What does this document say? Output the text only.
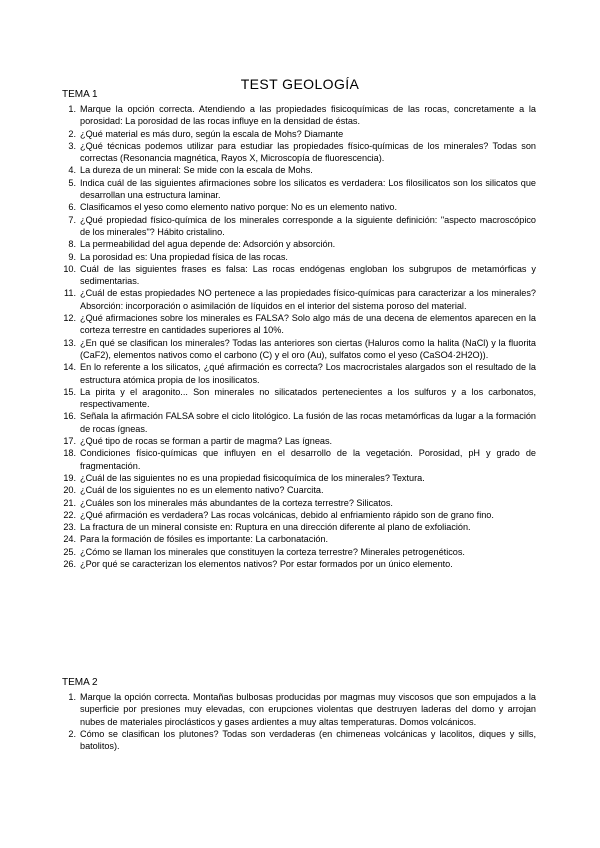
TEST GEOLOGÍA
TEMA 1
1. Marque la opción correcta. Atendiendo a las propiedades fisicoquímicas de las rocas, concretamente a la porosidad: La porosidad de las rocas influye en la densidad de éstas.
2. ¿Qué material es más duro, según la escala de Mohs? Diamante
3. ¿Qué técnicas podemos utilizar para estudiar las propiedades físico-químicas de los minerales? Todas son correctas (Resonancia magnética, Rayos X, Microscopía de fluorescencia).
4. La dureza de un mineral: Se mide con la escala de Mohs.
5. Indica cuál de las siguientes afirmaciones sobre los silicatos es verdadera: Los filosilicatos son los silicatos que desarrollan una estructura laminar.
6. Clasificamos el yeso como elemento nativo porque: No es un elemento nativo.
7. ¿Qué propiedad físico-química de los minerales corresponde a la siguiente definición: "aspecto macroscópico de los minerales"? Hábito cristalino.
8. La permeabilidad del agua depende de: Adsorción y absorción.
9. La porosidad es: Una propiedad física de las rocas.
10. Cuál de las siguientes frases es falsa: Las rocas endógenas engloban los subgrupos de metamórficas y sedimentarias.
11. ¿Cuál de estas propiedades NO pertenece a las propiedades físico-químicas para caracterizar a los minerales? Absorción: incorporación o asimilación de líquidos en el interior del sistema poroso del material.
12. ¿Qué afirmaciones sobre los minerales es FALSA? Solo algo más de una decena de elementos aparecen en la corteza terrestre en cantidades superiores al 10%.
13. ¿En qué se clasifican los minerales? Todas las anteriores son ciertas (Haluros como la halita (NaCl) y la fluorita (CaF2), elementos nativos como el carbono (C) y el oro (Au), sulfatos como el yeso (CaSO4·2H2O)).
14. En lo referente a los silicatos, ¿qué afirmación es correcta? Los macrocristales alargados son el resultado de la estructura atómica propia de los inosilicatos.
15. La pirita y el aragonito... Son minerales no silicatados pertenecientes a los sulfuros y a los carbonatos, respectivamente.
16. Señala la afirmación FALSA sobre el ciclo litológico. La fusión de las rocas metamórficas da lugar a la formación de rocas ígneas.
17. ¿Qué tipo de rocas se forman a partir de magma? Las ígneas.
18. Condiciones físico-químicas que influyen en el desarrollo de la vegetación. Porosidad, pH y grado de fragmentación.
19. ¿Cuál de las siguientes no es una propiedad fisicoquímica de los minerales? Textura.
20. ¿Cuál de los siguientes no es un elemento nativo? Cuarcita.
21. ¿Cuáles son los minerales más abundantes de la corteza terrestre? Silicatos.
22. ¿Qué afirmación es verdadera? Las rocas volcánicas, debido al enfriamiento rápido son de grano fino.
23. La fractura de un mineral consiste en: Ruptura en una dirección diferente al plano de exfoliación.
24. Para la formación de fósiles es importante: La carbonatación.
25. ¿Cómo se llaman los minerales que constituyen la corteza terrestre? Minerales petrogenéticos.
26. ¿Por qué se caracterizan los elementos nativos? Por estar formados por un único elemento.
TEMA 2
1. Marque la opción correcta. Montañas bulbosas producidas por magmas muy viscosos que son empujados a la superficie por presiones muy elevadas, con erupciones violentas que destruyen laderas del domo y arrojan nubes de materiales piroclásticos y gases ardientes a muy altas temperaturas. Domos volcánicos.
2. Cómo se clasifican los plutones? Todas son verdaderas (en chimeneas volcánicas y lacolitos, diques y sills, batolitos).
